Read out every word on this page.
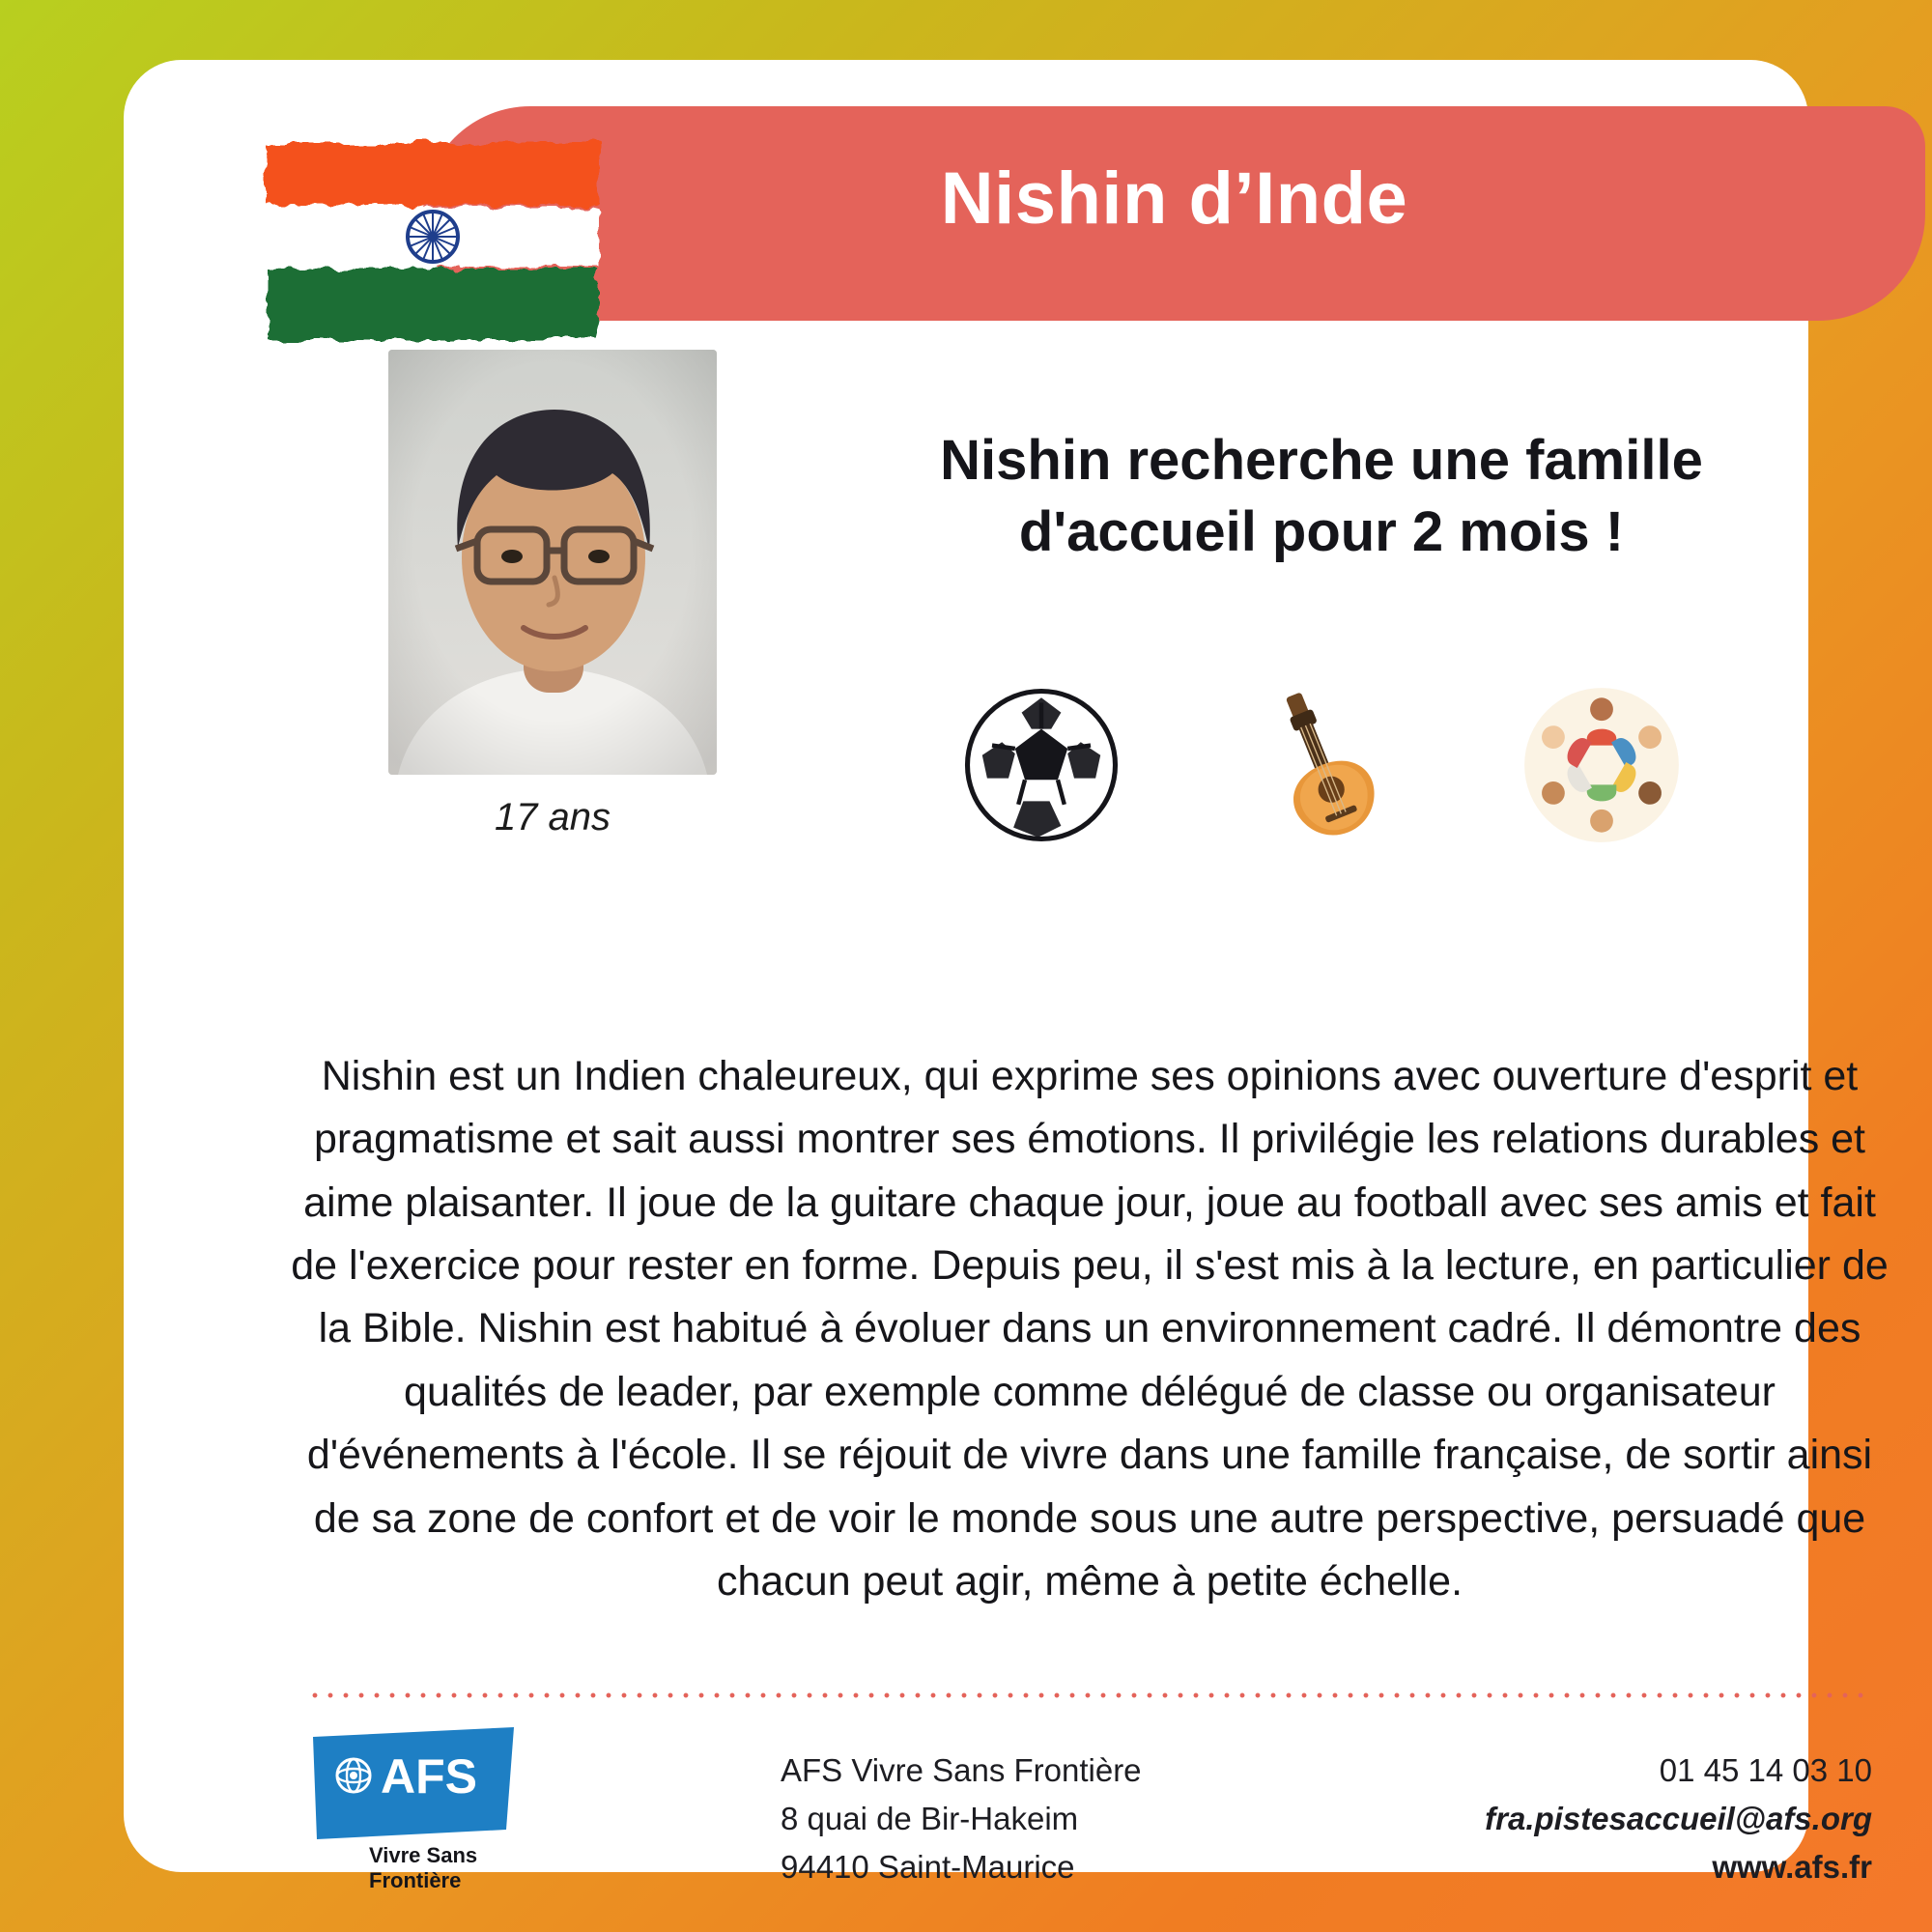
Nishin d’Inde
17 ans
Nishin recherche une famille d'accueil pour 2 mois !
Nishin est un Indien chaleureux, qui exprime ses opinions avec ouverture d'esprit et pragmatisme et sait aussi montrer ses émotions. Il privilégie les relations durables et aime plaisanter. Il joue de la guitare chaque jour, joue au football avec ses amis et fait de l'exercice pour rester en forme. Depuis peu, il s'est mis à la lecture, en particulier de la Bible. Nishin est habitué à évoluer dans un environnement cadré. Il démontre des qualités de leader, par exemple comme délégué de classe ou organisateur d'événements à l'école. Il se réjouit de vivre dans une famille française, de sortir ainsi de sa zone de confort et de voir le monde sous une autre perspective, persuadé que chacun peut agir, même à petite échelle.
AFS
Vivre Sans
Frontière
AFS Vivre Sans Frontière
8 quai de Bir-Hakeim
94410 Saint-Maurice
01 45 14 03 10
fra.pistesaccueil@afs.org
www.afs.fr
